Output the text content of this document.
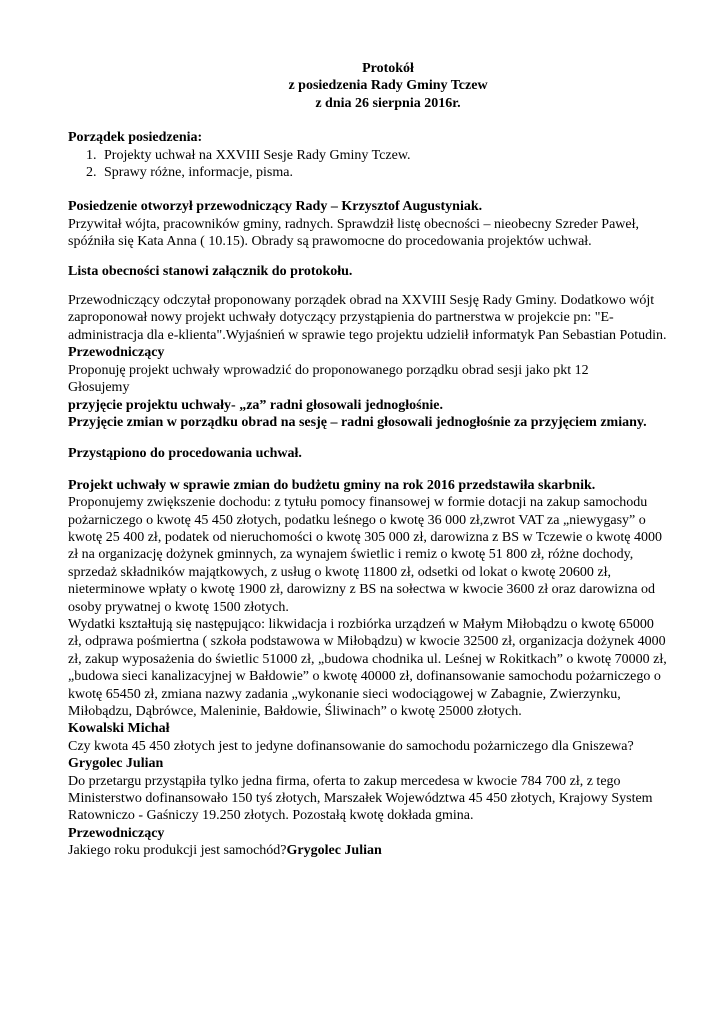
Protokół
z posiedzenia Rady Gminy Tczew
z dnia 26 sierpnia 2016r.
Porządek posiedzenia:
1. Projekty uchwał na XXVIII Sesje Rady Gminy Tczew.
2. Sprawy różne, informacje, pisma.

Posiedzenie otworzył przewodniczący Rady – Krzysztof Augustyniak.

Przywitał wójta, pracowników gminy, radnych. Sprawdził listę obecności – nieobecny Szreder Paweł, spóźniła się Kata Anna ( 10.15). Obrady są prawomocne do procedowania projektów uchwał.

Lista obecności stanowi załącznik do protokołu.

Przewodniczący odczytał proponowany porządek obrad na XXVIII Sesję Rady Gminy. Dodatkowo wójt zaproponował nowy projekt uchwały dotyczący przystąpienia do partnerstwa w projekcie pn: "E- administracja dla e-klienta".Wyjaśnień w sprawie tego projektu udzielił informatyk Pan Sebastian Potudin.

Przewodniczący

Proponuję projekt uchwały wprowadzić do proponowanego porządku obrad sesji jako pkt 12

Głosujemy

przyjęcie projektu uchwały- „za” radni głosowali jednogłośnie.

Przyjęcie zmian w porządku obrad na sesję – radni głosowali jednogłośnie za przyjęciem zmiany.

Przystąpiono do procedowania uchwał.

Projekt uchwały w sprawie zmian do budżetu gminy na rok 2016 przedstawiła skarbnik.

Proponujemy zwiększenie dochodu: z tytułu pomocy finansowej w formie dotacji na zakup samochodu pożarniczego o kwotę 45 450 złotych, podatku leśnego o kwotę 36 000 zł,zwrot VAT za „niewygasy” o kwotę 25 400 zł, podatek od nieruchomości o kwotę 305 000 zł, darowizna z BS w Tczewie o kwotę 4000 zł na organizację dożynek gminnych, za wynajem świetlic i remiz o kwotę 51 800 zł, różne dochody, sprzedaż składników majątkowych, z usług o kwotę 11800 zł, odsetki od lokat o kwotę 20600 zł, nieterminowe wpłaty o kwotę 1900 zł, darowizny z BS na sołectwa w kwocie 3600 zł oraz darowizna od osoby prywatnej o kwotę 1500 złotych.

Wydatki kształtują się następująco: likwidacja i rozbiórka urządzeń w Małym Miłobądzu o kwotę 65000 zł, odprawa pośmiertna ( szkoła podstawowa w Miłobądzu) w kwocie 32500 zł, organizacja dożynek 4000 zł, zakup wyposażenia do świetlic 51000 zł, „budowa chodnika ul. Leśnej w Rokitkach” o kwotę 70000 zł, „budowa sieci kanalizacyjnej w Bałdowie” o kwotę 40000 zł, dofinansowanie samochodu pożarniczego o kwotę 65450 zł, zmiana nazwy zadania „wykonanie sieci wodociągowej w Zabagnie, Zwierzynku, Miłobądzu, Dąbrówce, Maleninie, Bałdowie, Śliwinach” o kwotę 25000 złotych.

Kowalski Michał

Czy kwota 45 450 złotych jest to jedyne dofinansowanie do samochodu pożarniczego dla Gniszewa?

Grygolec Julian

Do przetargu przystąpiła tylko jedna firma, oferta to zakup mercedesa w kwocie 784 700 zł, z tego Ministerstwo dofinansowało 150 tyś złotych, Marszałek Województwa 45 450 złotych, Krajowy System Ratowniczo - Gaśniczy 19.250 złotych. Pozostałą kwotę dokłada gmina.

Przewodniczący

Jakiego roku produkcji jest samochód?Grygolec Julian
